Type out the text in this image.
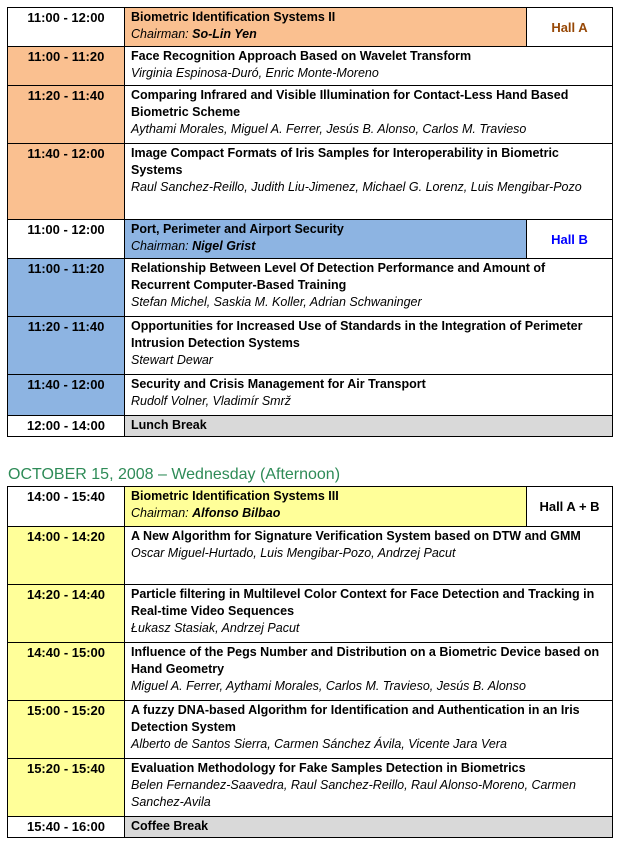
11:00 - 12:00	Biometric Identification Systems II
Chairman: So-Lin Yen	Hall A
11:00 - 11:20	Face Recognition Approach Based on Wavelet Transform
Virginia Espinosa-Duró, Enric Monte-Moreno	

11:20 - 11:40	Comparing Infrared and Visible Illumination for Contact-Less Hand Based Biometric Scheme
Aythami Morales, Miguel A. Ferrer, Jesús B. Alonso, Carlos M. Travieso	

11:40 - 12:00	Image Compact Formats of Iris Samples for Interoperability in Biometric Systems
Raul Sanchez-Reillo, Judith Liu-Jimenez, Michael G. Lorenz, Luis Mengibar-Pozo	

11:00 - 12:00	Port, Perimeter and Airport Security
Chairman: Nigel Grist	Hall B
11:00 - 11:20	Relationship Between Level Of Detection Performance and Amount of Recurrent Computer-Based Training
Stefan Michel, Saskia M. Koller, Adrian Schwaninger	

11:20 - 11:40	Opportunities for Increased Use of Standards in the Integration of Perimeter Intrusion Detection Systems
Stewart Dewar	

11:40 - 12:00	Security and Crisis Management for Air Transport
Rudolf Volner, Vladimír Smrž	

12:00 - 14:00	Lunch Break	
OCTOBER 15, 2008 – Wednesday (Afternoon)
14:00 - 15:40	Biometric Identification Systems III
Chairman: Alfonso Bilbao	Hall A + B
14:00 - 14:20	A New Algorithm for Signature Verification System based on DTW and GMM
Oscar Miguel-Hurtado, Luis Mengibar-Pozo, Andrzej Pacut	

14:20 - 14:40	Particle filtering in Multilevel Color Context for Face Detection and Tracking in Real-time Video Sequences
Łukasz Stasiak, Andrzej Pacut	

14:40 - 15:00	Influence of the Pegs Number and Distribution on a Biometric Device based on Hand Geometry
Miguel A. Ferrer, Aythami Morales, Carlos M. Travieso, Jesús B. Alonso	

15:00 - 15:20	A fuzzy DNA-based Algorithm for Identification and Authentication in an Iris Detection System
Alberto de Santos Sierra, Carmen Sánchez Ávila, Vicente Jara Vera	

15:20 - 15:40	Evaluation Methodology for Fake Samples Detection in Biometrics
Belen Fernandez-Saavedra, Raul Sanchez-Reillo, Raul Alonso-Moreno, Carmen Sanchez-Avila	

15:40 - 16:00	Coffee Break	
